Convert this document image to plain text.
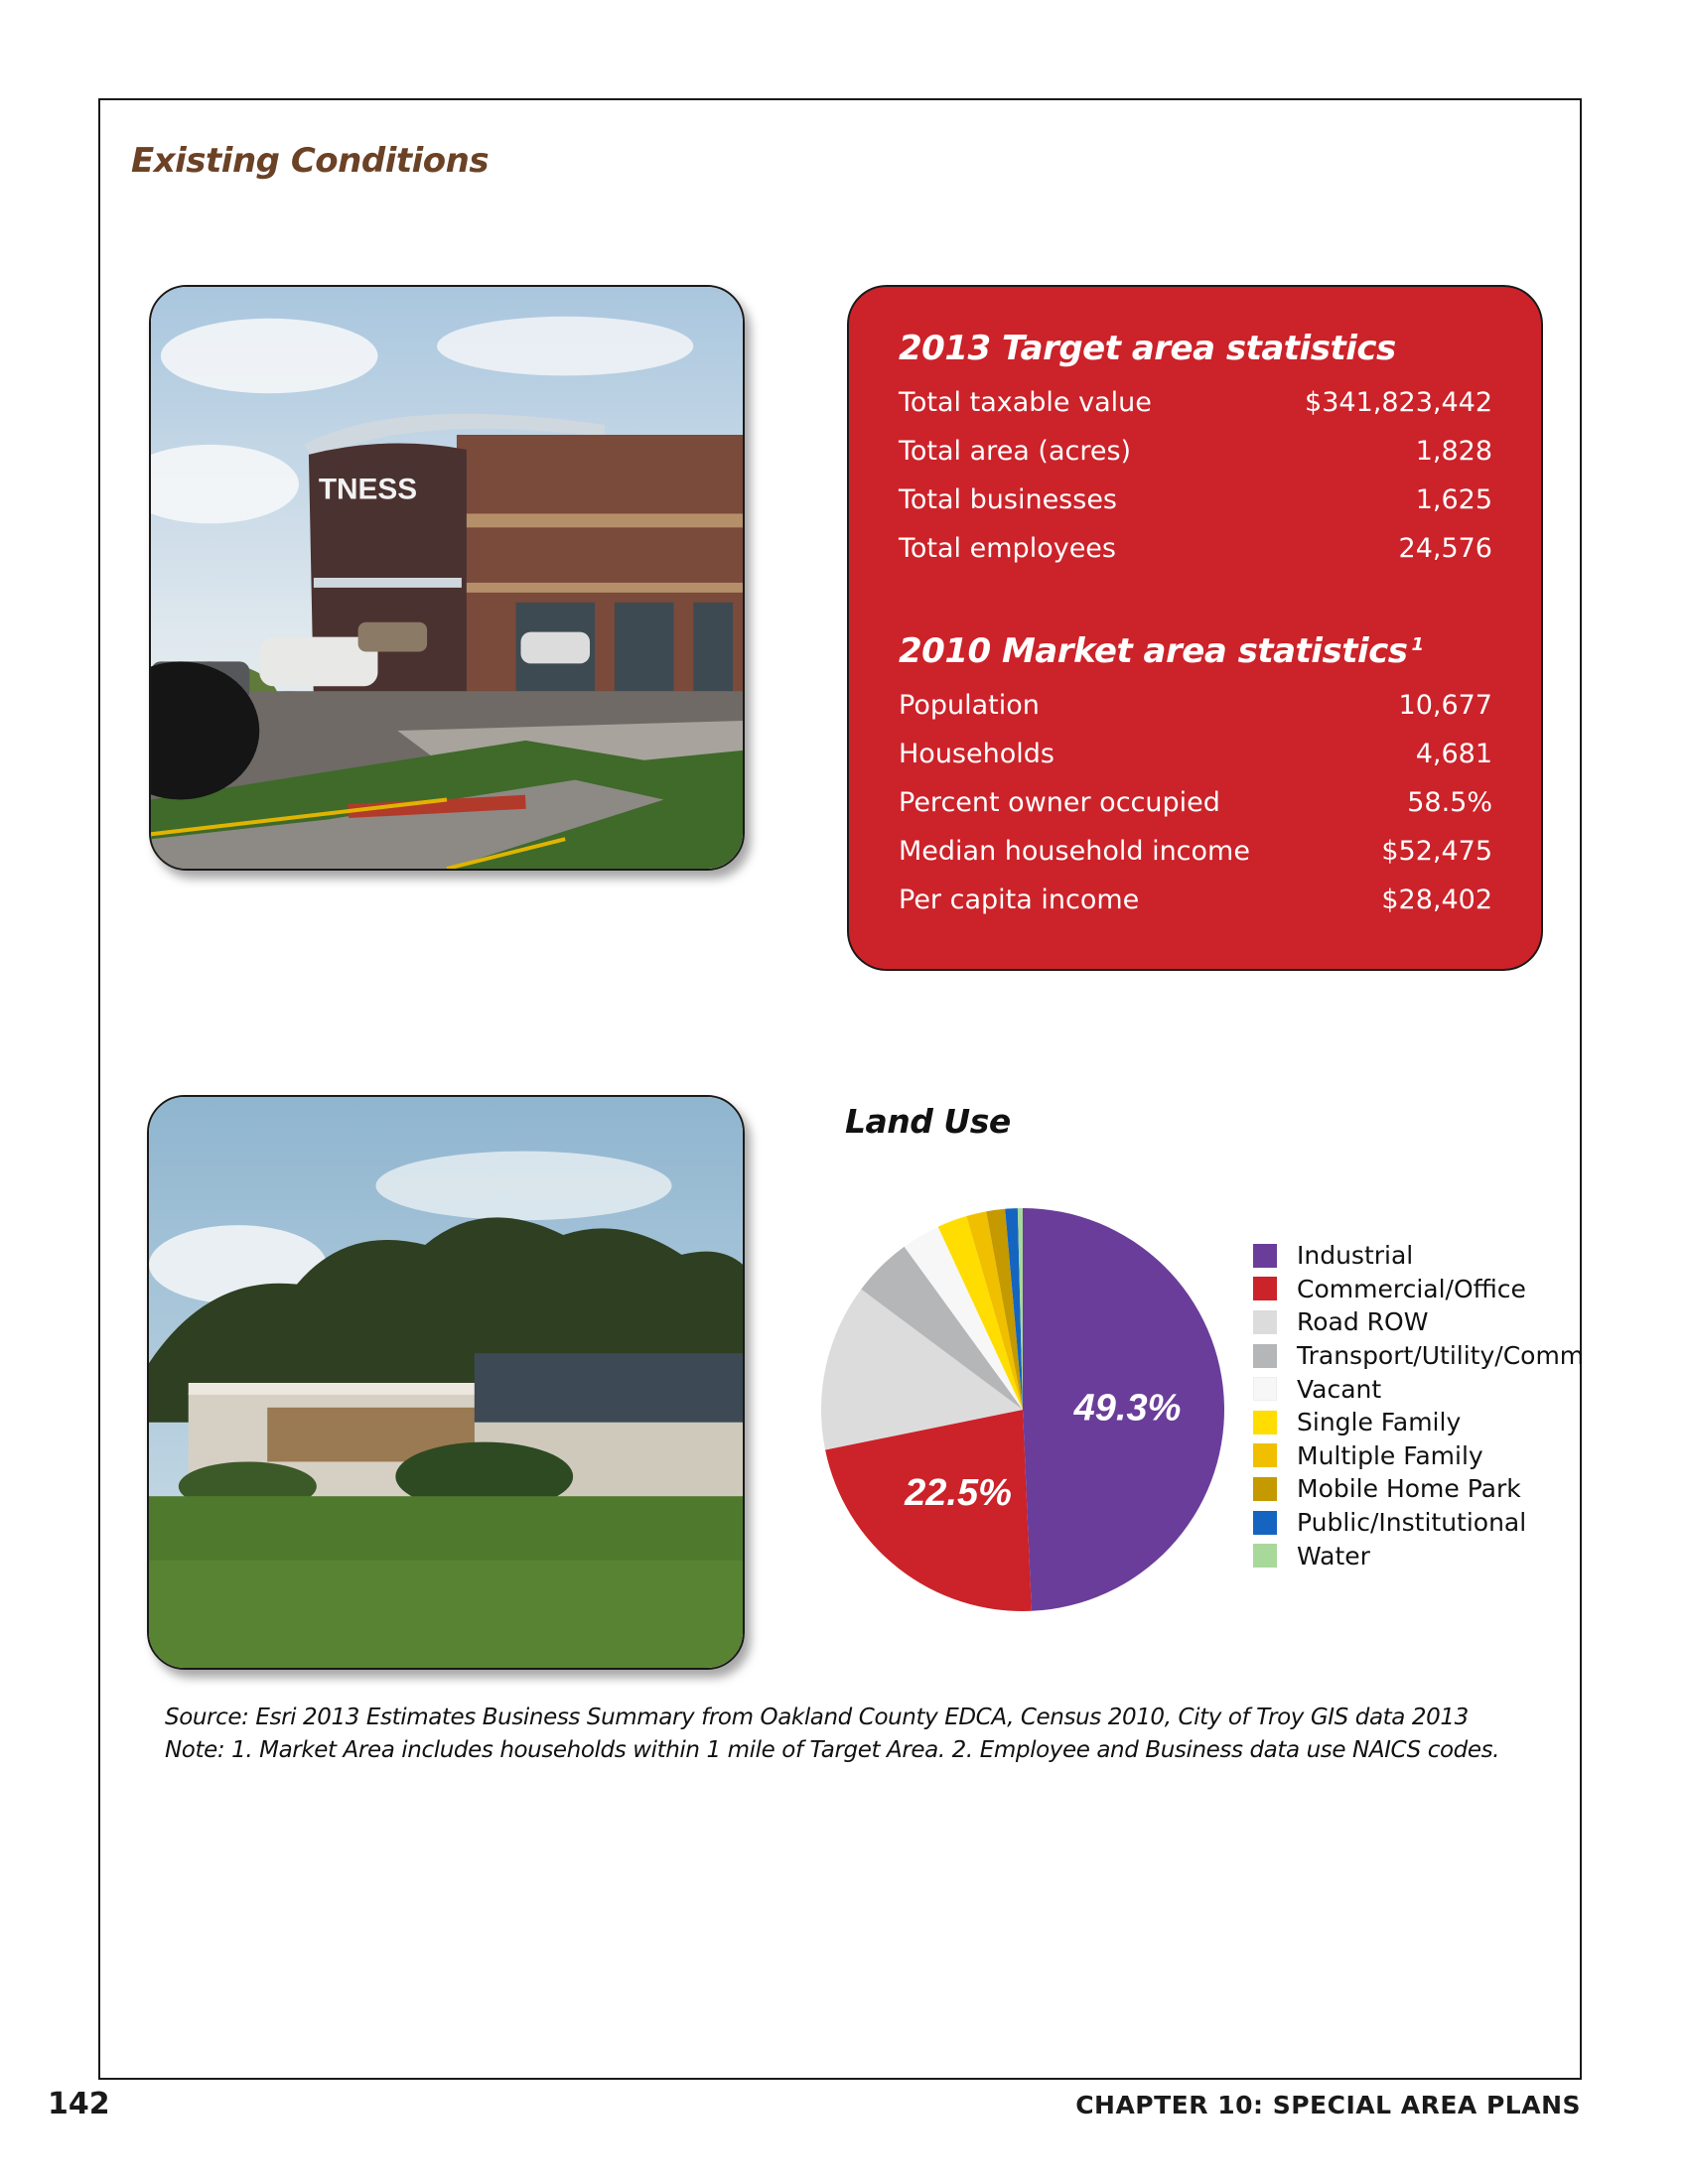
Existing Conditions
TNESS
2013 Target area statistics
Total taxable value	$341,823,442
Total area (acres)	1,828
Total businesses	1,625
Total employees	24,576
2010 Market area statistics $^1$
Population	10,677
Households	4,681
Percent owner occupied	58.5%
Median household income	$52,475
Per capita income	$28,402
Land Use
49.3%
22.5%
Industrial
Commercial/Office
Road ROW
Transport/Utility/Comm
Vacant
Single Family
Multiple Family
Mobile Home Park
Public/Institutional
Water
Source: Esri 2013 Estimates Business Summary from Oakland County EDCA, Census 2010, City of Troy GIS data 2013
Note: 1. Market Area includes households within 1 mile of Target Area. 2. Employee and Business data use NAICS codes.
142	CHAPTER 10: SPECIAL AREA PLANS
